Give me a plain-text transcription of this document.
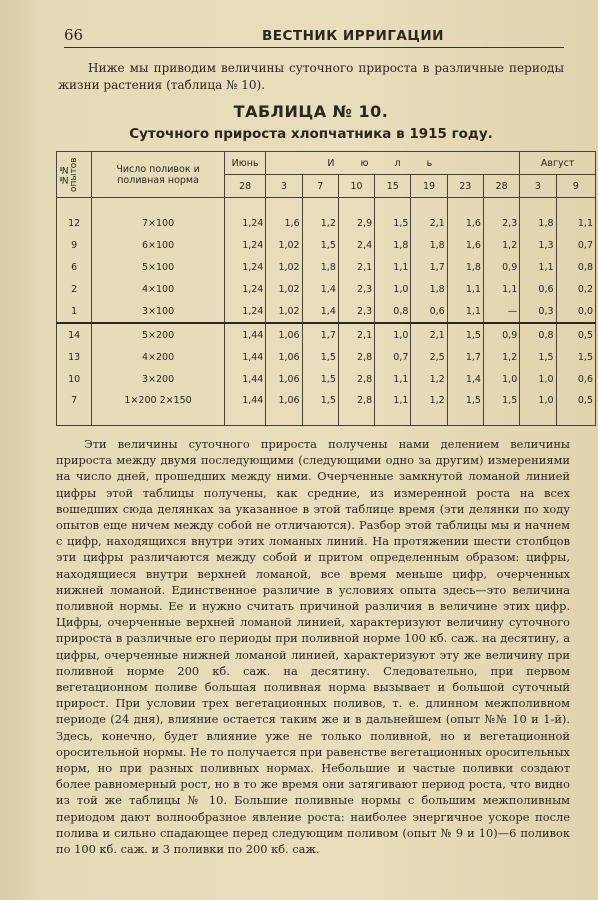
66	ВЕСТНИК ИРРИГАЦИИ

Ниже мы приводим величины суточного прироста в различные периоды жизни растения (таблица № 10).

ТАБЛИЦА № 10.
Суточного прироста хлопчатника в 1915 году.
№№ опытов	Число поливок и поливная норма	Июнь	Июль							Август	
		28	3	7	10	15	19	23	28	3	9

12	7×100	1,24	1,6	1,2	2,9	1,5	2,1	1,6	2,3	1,8	1,1
9	6×100	1,24	1,02	1,5	2,4	1,8	1,8	1,6	1,2	1,3	0,7
6	5×100	1,24	1,02	1,8	2,1	1,1	1,7	1,8	0,9	1,1	0,8
2	4×100	1,24	1,02	1,4	2,3	1,0	1,8	1,1	1,1	0,6	0,2
1	3×100	1,24	1,02	1,4	2,3	0,8	0,6	1,1	—	0,3	0,0
14	5×200	1,44	1,06	1,7	2,1	1,0	2,1	1,5	0,9	0,8	0,5
13	4×200	1,44	1,06	1,5	2,8	0,7	2,5	1,7	1,2	1,5	1,5
10	3×200	1,44	1,06	1,5	2,8	1,1	1,2	1,4	1,0	1,0	0,6
7	1×200 2×150	1,44	1,06	1,5	2,8	1,1	1,2	1,5	1,5	1,0	0,5

Эти величины суточного прироста получены нами делением величины прироста между двумя последующими (следующими одно за другим) измерениями на число дней, прошедших между ними. Очерченные замкнутой ломаной линией цифры этой таблицы получены, как средние, из измеренной роста на всех вошедших сюда делянках за указанное в этой таблице время (эти делянки по ходу опытов еще ничем между собой не отличаются). Разбор этой таблицы мы и начнем с цифр, находящихся внутри этих ломаных линий. На протяжении шести столбцов эти цифры различаются между собой и притом определенным образом: цифры, находящиеся внутри верхней ломаной, все время меньше цифр, очерченных нижней ломаной. Единственное различие в условиях опыта здесь—это величина поливной нормы. Ее и нужно считать причиной различия в величине этих цифр. Цифры, очерченные верхней ломаной линией, характеризуют величину суточного прироста в различные его периоды при поливной норме 100 кб. саж. на десятину, а цифры, очерченные нижней ломаной линией, характеризуют эту же величину при поливной норме 200 кб. саж. на десятину. Следовательно, при первом вегетационном поливе большая поливная норма вызывает и большой суточный прирост. При условии трех вегетационных поливов, т. е. длинном межполивном периоде (24 дня), влияние остается таким же и в дальнейшем (опыт №№ 10 и 1-й). Здесь, конечно, будет влияние уже не только поливной, но и вегетационной оросительной нормы. Не то получается при равенстве вегетационных оросительных норм, но при разных поливных нормах. Небольшие и частые поливки создают более равномерный рост, но в то же время они затягивают период роста, что видно из той же таблицы № 10. Большие поливные нормы с большим межполивным периодом дают волнообразное явление роста: наиболее энергичное ускоре после полива и сильно спадающее перед следующим поливом (опыт № 9 и 10)—6 поливок по 100 кб. саж. и 3 поливки по 200 кб. саж.
